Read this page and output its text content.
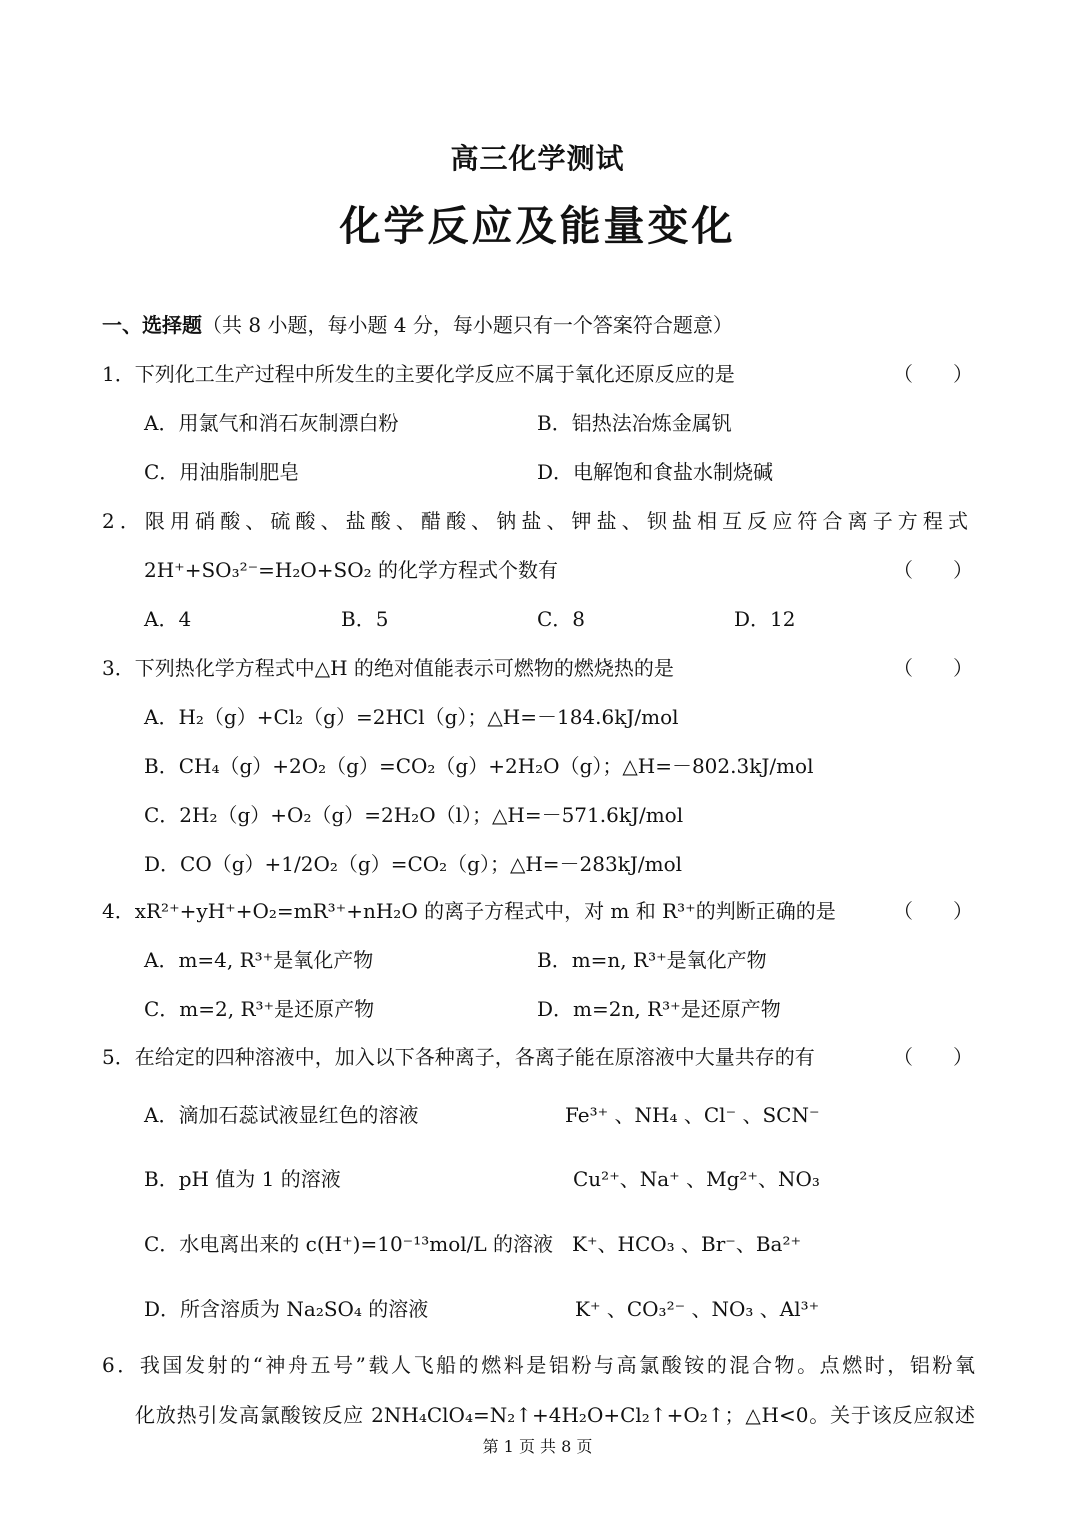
高三化学测试
化学反应及能量变化
一、选择题（共 8 小题，每小题 4 分，每小题只有一个答案符合题意）
1．下列化工生产过程中所发生的主要化学反应不属于氧化还原反应的是	（　　）
A．用氯气和消石灰制漂白粉	B．铝热法冶炼金属钒
C．用油脂制肥皂	D．电解饱和食盐水制烧碱
2．限用硝酸、硫酸、盐酸、醋酸、钠盐、钾盐、钡盐相互反应符合离子方程式
2H⁺+SO₃²⁻=H₂O+SO₂ 的化学方程式个数有	（　　）
A．4	B．5	C．8	D．12
3．下列热化学方程式中△H 的绝对值能表示可燃物的燃烧热的是	（　　）
A．H₂（g）+Cl₂（g）=2HCl（g）；△H=－184.6kJ/mol
B．CH₄（g）+2O₂（g）=CO₂（g）+2H₂O（g）；△H=－802.3kJ/mol
C．2H₂（g）+O₂（g）=2H₂O（l）；△H=－571.6kJ/mol
D．CO（g）+1/2O₂（g）=CO₂（g）；△H=－283kJ/mol
4．xR²⁺+yH⁺+O₂=mR³⁺+nH₂O 的离子方程式中，对 m 和 R³⁺的判断正确的是	（　　）
A．m=4, R³⁺是氧化产物	B．m=n, R³⁺是氧化产物
C．m=2, R³⁺是还原产物	D．m=2n, R³⁺是还原产物
5．在给定的四种溶液中，加入以下各种离子，各离子能在原溶液中大量共存的有	（　　）
A．滴加石蕊试液显红色的溶液	Fe³⁺ 、NH₄ 、Cl⁻ 、SCN⁻
B．pH 值为 1 的溶液	Cu²⁺、Na⁺ 、Mg²⁺、NO₃
C．水电离出来的 c(H⁺)=10⁻¹³mol/L 的溶液 K⁺、HCO₃ 、Br⁻、Ba²⁺
D．所含溶质为 Na₂SO₄ 的溶液	K⁺ 、CO₃²⁻ 、NO₃ 、Al³⁺
6．我国发射的“神舟五号”载人飞船的燃料是铝粉与高氯酸铵的混合物。点燃时，铝粉氧
化放热引发高氯酸铵反应 2NH₄ClO₄=N₂↑+4H₂O+Cl₂↑+O₂↑；△H<0。关于该反应叙述
第 1 页 共 8 页
